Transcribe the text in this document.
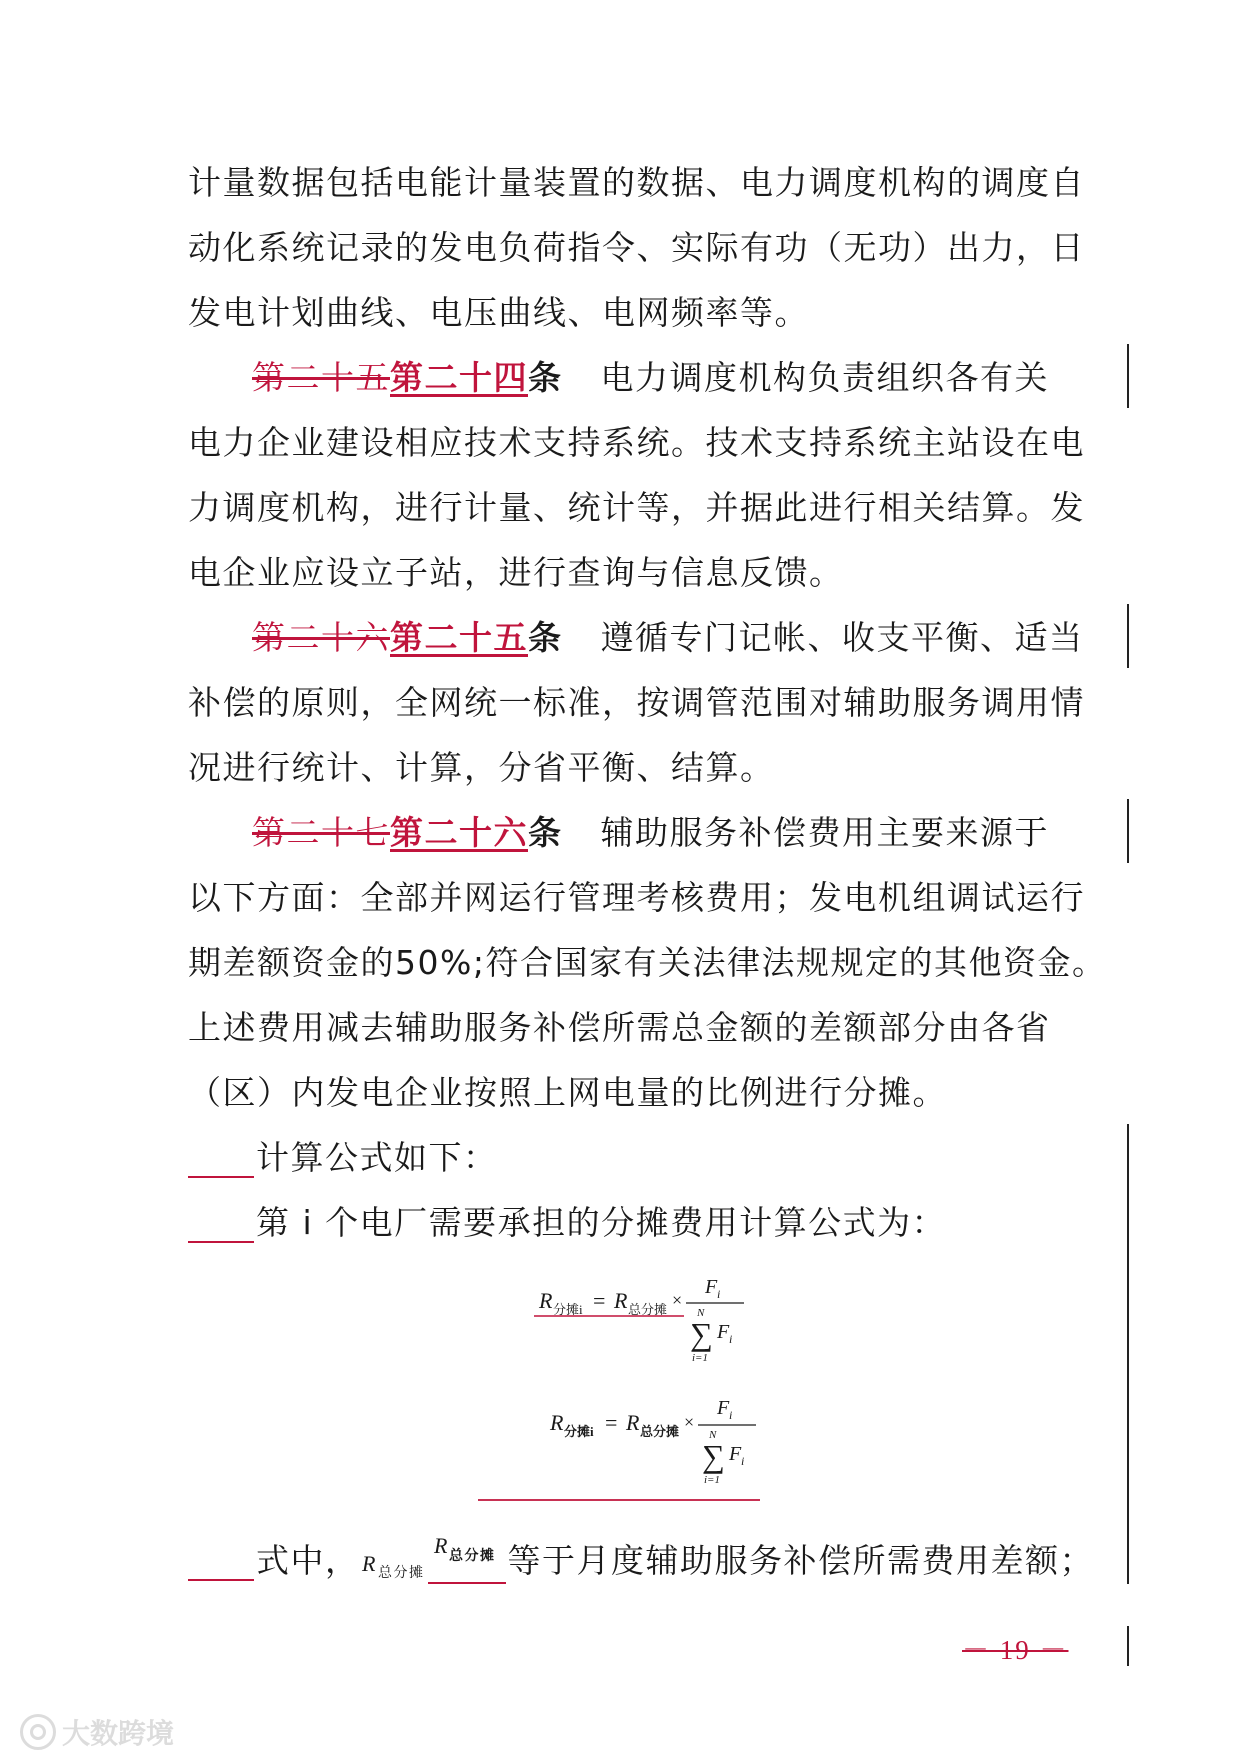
计量数据包括电能计量装置的数据、电力调度机构的调度自
动化系统记录的发电负荷指令、实际有功（无功）出力，日
发电计划曲线、电压曲线、电网频率等。
第二十五第二十四条 电力调度机构负责组织各有关
电力企业建设相应技术支持系统。技术支持系统主站设在电
力调度机构，进行计量、统计等，并据此进行相关结算。发
电企业应设立子站，进行查询与信息反馈。
第二十六第二十五条 遵循专门记帐、收支平衡、适当
补偿的原则，全网统一标准，按调管范围对辅助服务调用情
况进行统计、计算，分省平衡、结算。
第二十七第二十六条 辅助服务补偿费用主要来源于
以下方面：全部并网运行管理考核费用；发电机组调试运行
期差额资金的50%;符合国家有关法律法规规定的其他资金。
上述费用减去辅助服务补偿所需总金额的差额部分由各省
（区）内发电企业按照上网电量的比例进行分摊。
计算公式如下：
第 i 个电厂需要承担的分摊费用计算公式为：
R 分摊i = R 总分摊 ×
F i
N
∑ F i
i=1
R 分摊i = R 总分摊 ×
F i
N
∑ F i
i=1
式中， R 总分摊
R 总分摊 等于月度辅助服务补偿所需费用差额；
－ 19 －
大数跨境
